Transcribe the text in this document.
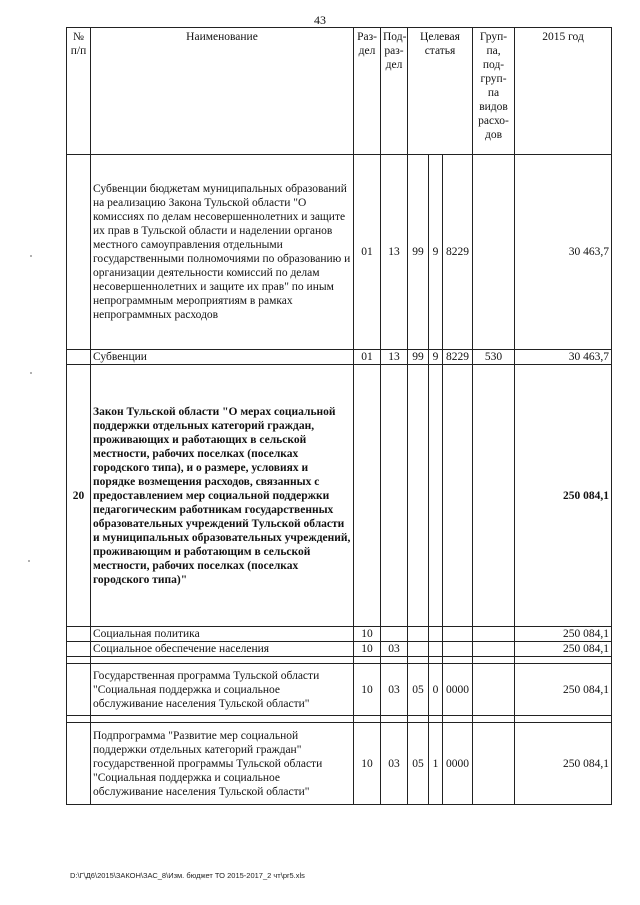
43
№ п/п	Наименование	Раз-дел	Под-раз-дел	Целевая статья			Груп-па, под-груп-па видов расхо-дов	2015 год
	Субвенции бюджетам муниципальных образований на реализацию Закона Тульской области "О комиссиях по делам несовершеннолетних и защите их прав в Тульской области и наделении органов местного самоуправления отдельными государственными полномочиями по образованию и организации деятельности комиссий по делам несовершеннолетних и защите их прав" по иным непрограммным мероприятиям в рамках непрограммных расходов	01	13	99	9	8229		30 463,7
	Субвенции	01	13	99	9	8229	530	30 463,7
20	Закон Тульской области "О мерах социальной поддержки отдельных категорий граждан, проживающих и работающих в сельской местности, рабочих поселках (поселках городского типа), и о размере, условиях и порядке возмещения расходов, связанных с предоставлением мер социальной поддержки педагогическим работникам государственных образовательных учреждений Тульской области и муниципальных образовательных учреждений, проживающим и работающим в сельской местности, рабочих поселках (поселках городского типа)"							250 084,1
	Социальная политика	10						250 084,1
	Социальное обеспечение населения	10	03					250 084,1

	Государственная программа Тульской области "Социальная поддержка и социальное обслуживание населения Тульской области"	10	03	05	0	0000		250 084,1

	Подпрограмма "Развитие мер социальной поддержки отдельных категорий граждан" государственной программы Тульской области "Социальная поддержка и социальное обслуживание населения Тульской области"	10	03	05	1	0000		250 084,1
D:\Г\Д6\2015\ЗАКОН\ЗАС_8\Изм. бюджет ТО 2015-2017_2 чт\pr5.xls
